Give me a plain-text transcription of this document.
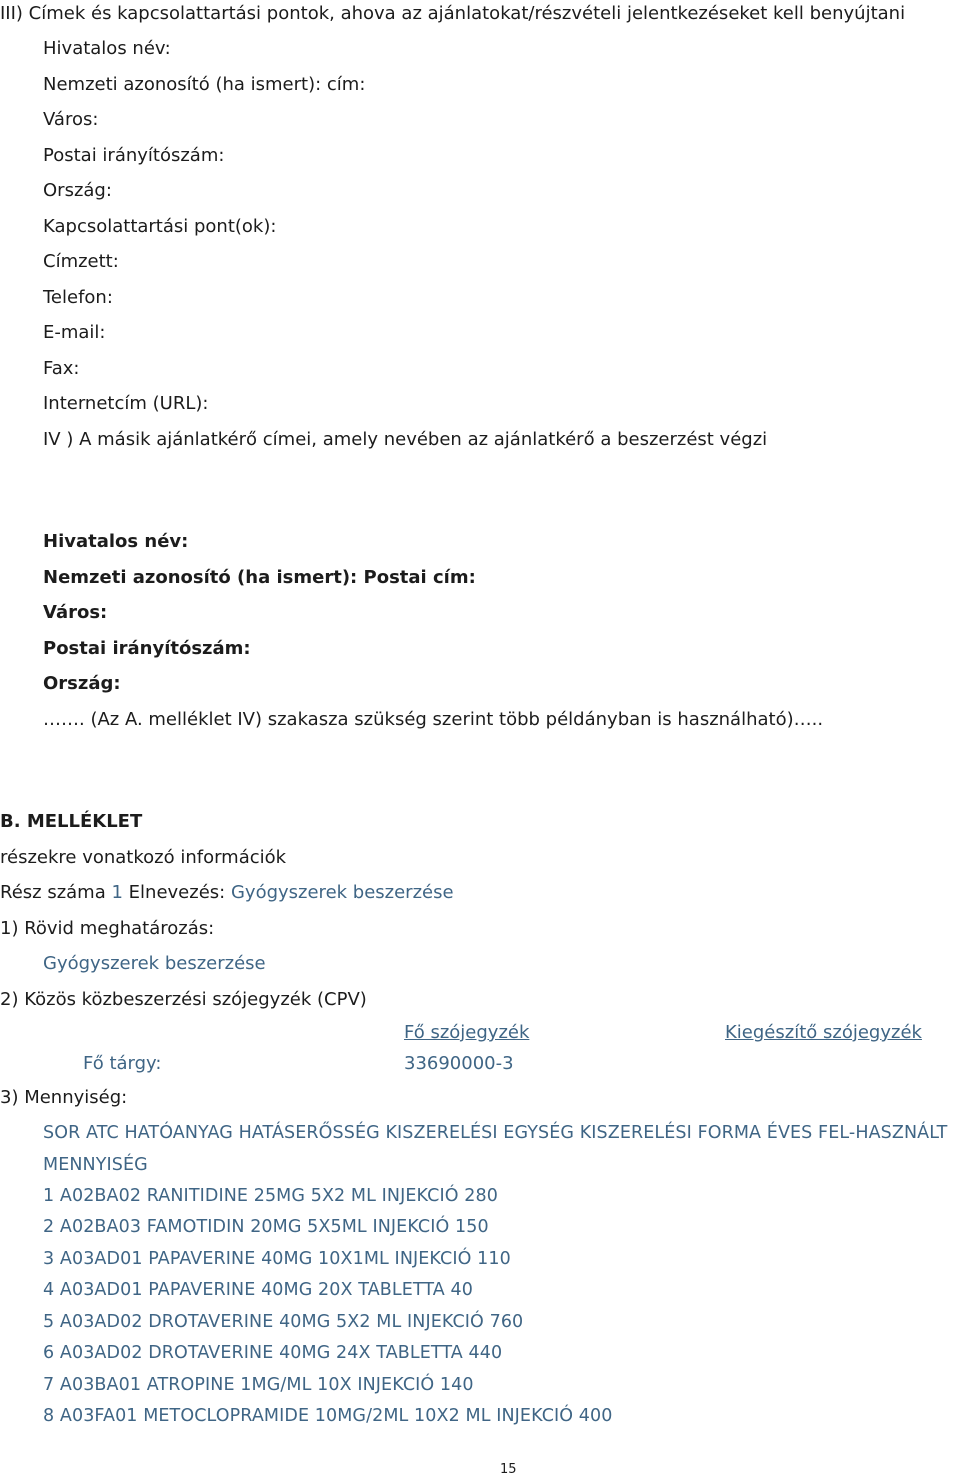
III) Címek és kapcsolattartási pontok, ahova az ajánlatokat/részvételi jelentkezéseket kell benyújtani
Hivatalos név:
Nemzeti azonosító (ha ismert): cím:
Város:
Postai irányítószám:
Ország:
Kapcsolattartási pont(ok):
Címzett:
Telefon:
E-mail:
Fax:
Internetcím (URL):
IV ) A másik ajánlatkérő címei, amely nevében az ajánlatkérő a beszerzést végzi
Hivatalos név:
Nemzeti azonosító (ha ismert): Postai cím:
Város:
Postai irányítószám:
Ország:
……. (Az A. melléklet IV) szakasza szükség szerint több példányban is használható)…..
B. MELLÉKLET
részekre vonatkozó információk
Rész száma 1 Elnevezés: Gyógyszerek beszerzése
1) Rövid meghatározás:
Gyógyszerek beszerzése
2) Közös közbeszerzési szójegyzék (CPV)
Fő szójegyzék	Kiegészítő szójegyzék
Fő tárgy:	33690000-3
3) Mennyiség:
SOR ATC HATÓANYAG HATÁSERŐSSÉG KISZERELÉSI EGYSÉG KISZERELÉSI FORMA ÉVES FEL-HASZNÁLT
MENNYISÉG
1 A02BA02 RANITIDINE 25MG 5X2 ML INJEKCIÓ 280
2 A02BA03 FAMOTIDIN 20MG 5X5ML INJEKCIÓ 150
3 A03AD01 PAPAVERINE 40MG 10X1ML INJEKCIÓ 110
4 A03AD01 PAPAVERINE 40MG 20X TABLETTA 40
5 A03AD02 DROTAVERINE 40MG 5X2 ML INJEKCIÓ 760
6 A03AD02 DROTAVERINE 40MG 24X TABLETTA 440
7 A03BA01 ATROPINE 1MG/ML 10X INJEKCIÓ 140
8 A03FA01 METOCLOPRAMIDE 10MG/2ML 10X2 ML INJEKCIÓ 400
15
